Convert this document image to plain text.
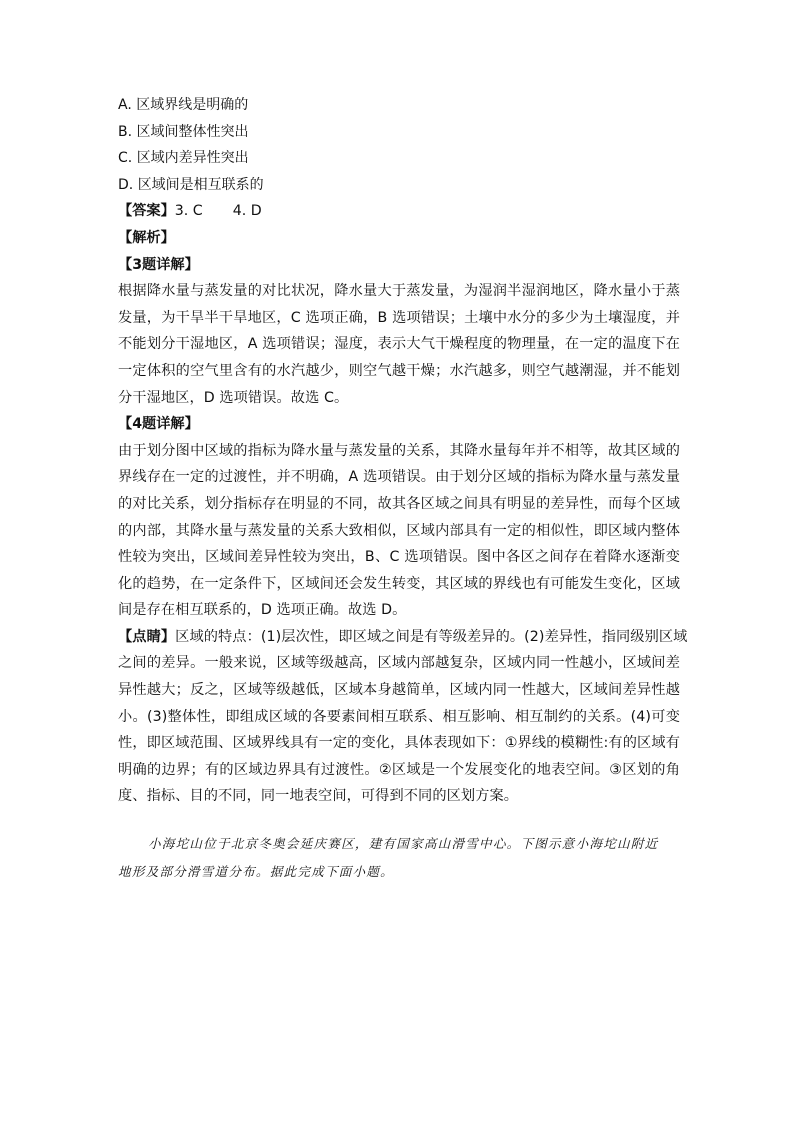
A. 区域界线是明确的
B. 区域间整体性突出
C. 区域内差异性突出
D. 区域间是相互联系的
【答案】3. C 4. D
【解析】
【3题详解】
根据降水量与蒸发量的对比状况，降水量大于蒸发量，为湿润半湿润地区，降水量小于蒸
发量，为干旱半干旱地区，C 选项正确，B 选项错误；土壤中水分的多少为土壤湿度，并
不能划分干湿地区，A 选项错误；湿度，表示大气干燥程度的物理量，在一定的温度下在
一定体积的空气里含有的水汽越少，则空气越干燥；水汽越多，则空气越潮湿，并不能划
分干湿地区，D 选项错误。故选 C。
【4题详解】
由于划分图中区域的指标为降水量与蒸发量的关系，其降水量每年并不相等，故其区域的
界线存在一定的过渡性，并不明确，A 选项错误。由于划分区域的指标为降水量与蒸发量
的对比关系，划分指标存在明显的不同，故其各区域之间具有明显的差异性，而每个区域
的内部，其降水量与蒸发量的关系大致相似，区域内部具有一定的相似性，即区域内整体
性较为突出，区域间差异性较为突出，B、C 选项错误。图中各区之间存在着降水逐渐变
化的趋势，在一定条件下，区域间还会发生转变，其区域的界线也有可能发生变化，区域
间是存在相互联系的，D 选项正确。故选 D。
【点睛】区域的特点：(1)层次性，即区域之间是有等级差异的。(2)差异性，指同级别区域
之间的差异。一般来说，区域等级越高，区域内部越复杂，区域内同一性越小，区域间差
异性越大；反之，区域等级越低，区域本身越简单，区域内同一性越大，区域间差异性越
小。(3)整体性，即组成区域的各要素间相互联系、相互影响、相互制约的关系。(4)可变
性，即区域范围、区域界线具有一定的变化，具体表现如下：①界线的模糊性:有的区域有
明确的边界；有的区域边界具有过渡性。②区域是一个发展变化的地表空间。③区划的角
度、指标、目的不同，同一地表空间，可得到不同的区划方案。
小海坨山位于北京冬奥会延庆赛区，建有国家高山滑雪中心。下图示意小海坨山附近
地形及部分滑雪道分布。据此完成下面小题。
